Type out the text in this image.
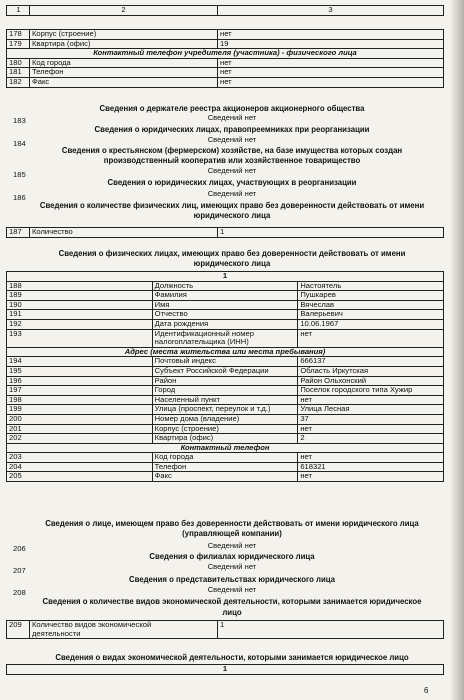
1	2	3
178	Корпус (строение)	нет
179	Квартира (офис)	19
Контактный телефон учредителя (участника) - физического лица		
180	Код города	нет
181	Телефон	нет
182	Факс	нет
Сведения о держателе реестра акционеров акционерного общества
183	Сведений нет
Сведения о юридических лицах, правопреемниках при реорганизации
184	Сведений нет
Сведения о крестьянском (фермерском) хозяйстве, на базе имущества которых создан
производственный кооператив или хозяйственное товарищество
185	Сведений нет
Сведения о юридических лицах, участвующих в реорганизации
186	Сведений нет
Сведения о количестве физических лиц, имеющих право без доверенности действовать от имени
юридического лица
187	Количество	1
Сведения о физических лицах, имеющих право без доверенности действовать от имени
юридического лица
1		
188	Должность	Настоятель
189	Фамилия	Пушкарев
190	Имя	Вячеслав
191	Отчество	Валерьевич
192	Дата рождения	10.06.1967
193	Идентификационный номер
налогоплательщика (ИНН)	нет
Адрес (места жительства или места пребывания)		
194	Почтовый индекс	666137
195	Субъект Российской Федерации	Область Иркутская
196	Район	Район Ольхонский
197	Город	Поселок городского типа Хужир
198	Населенный пункт	нет
199	Улица (проспект, переулок и т.д.)	Улица Лесная
200	Номер дома (владение)	37
201	Корпус (строение)	нет
202	Квартира (офис)	2
Контактный телефон		
203	Код города	нет
204	Телефон	618321
205	Факс	нет
Сведения о лице, имеющем право без доверенности действовать от имени юридического лица
(управляющей компании)
206	Сведений нет
Сведения о филиалах юридического лица
207	Сведений нет
Сведения о представительствах юридического лица
208	Сведений нет
Сведения о количестве видов экономической деятельности, которыми занимается юридическое
лицо
209	Количество видов экономической
деятельности	1
Сведения о видах экономической деятельности, которыми занимается юридическое лицо
1
6
